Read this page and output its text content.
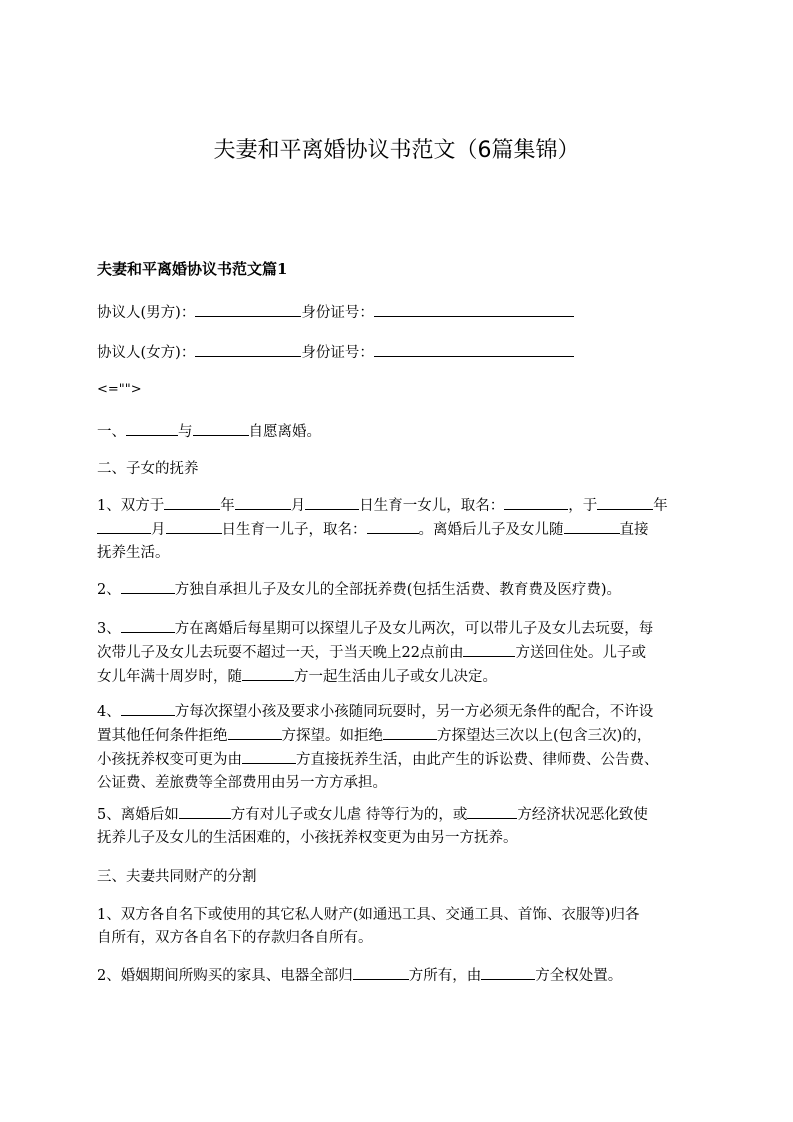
夫妻和平离婚协议书范文（6篇集锦）
夫妻和平离婚协议书范文篇1
协议人(男方)：	身份证号：
协议人(女方)：	身份证号：
<="">
一、	与	自愿离婚。
二、子女的抚养
1、双方于	年	月	日生育一女儿，取名：	，于	年
月	日生育一儿子，取名：	。离婚后儿子及女儿随	直接
抚养生活。
2、	方独自承担儿子及女儿的全部抚养费(包括生活费、教育费及医疗费)。
3、	方在离婚后每星期可以探望儿子及女儿两次，可以带儿子及女儿去玩耍，每
次带儿子及女儿去玩耍不超过一天，于当天晚上22点前由	方送回住处。儿子或
女儿年满十周岁时，随	方一起生活由儿子或女儿决定。
4、	方每次探望小孩及要求小孩随同玩耍时，另一方必须无条件的配合，不许设
置其他任何条件拒绝	方探望。如拒绝	方探望达三次以上(包含三次)的，
小孩抚养权变可更为由	方直接抚养生活，由此产生的诉讼费、律师费、公告费、
公证费、差旅费等全部费用由另一方方承担。
5、离婚后如	方有对儿子或女儿虐 待等行为的，或	方经济状况恶化致使
抚养儿子及女儿的生活困难的，小孩抚养权变更为由另一方抚养。
三、夫妻共同财产的分割
1、双方各自名下或使用的其它私人财产(如通迅工具、交通工具、首饰、衣服等)归各
自所有，双方各自名下的存款归各自所有。
2、婚姻期间所购买的家具、电器全部归	方所有，由	方全权处置。
